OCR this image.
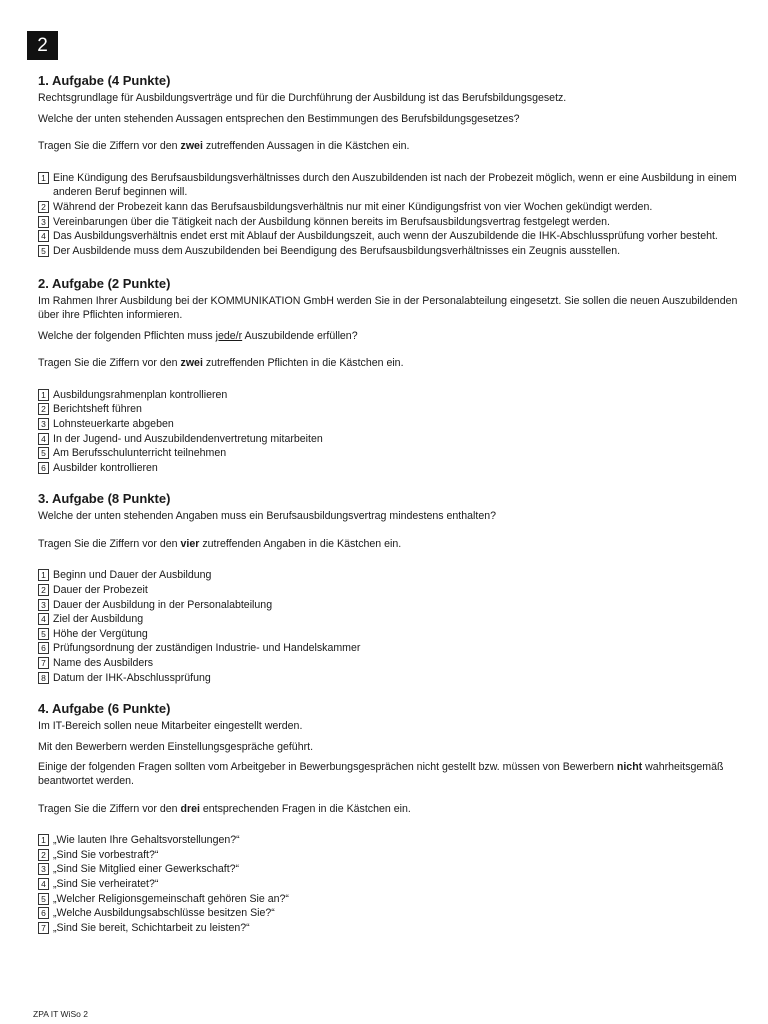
2
1. Aufgabe (4 Punkte)

Rechtsgrundlage für Ausbildungsverträge und für die Durchführung der Ausbildung ist das Berufsbildungsgesetz.

Welche der unten stehenden Aussagen entsprechen den Bestimmungen des Berufsbildungsgesetzes?

Tragen Sie die Ziffern vor den zwei zutreffenden Aussagen in die Kästchen ein.

1 Eine Kündigung des Berufsausbildungsverhältnisses durch den Auszubildenden ist nach der Probezeit möglich, wenn er eine Ausbildung in einem anderen Beruf beginnen will.
2 Während der Probezeit kann das Berufsausbildungsverhältnis nur mit einer Kündigungsfrist von vier Wochen gekündigt werden.
3 Vereinbarungen über die Tätigkeit nach der Ausbildung können bereits im Berufsausbildungsvertrag festgelegt werden.
4 Das Ausbildungsverhältnis endet erst mit Ablauf der Ausbildungszeit, auch wenn der Auszubildende die IHK-Abschlussprüfung vorher besteht.
5 Der Ausbildende muss dem Auszubildenden bei Beendigung des Berufsausbildungsverhältnisses ein Zeugnis ausstellen.
2. Aufgabe (2 Punkte)

Im Rahmen Ihrer Ausbildung bei der KOMMUNIKATION GmbH werden Sie in der Personalabteilung eingesetzt. Sie sollen die neuen Auszubildenden über ihre Pflichten informieren.

Welche der folgenden Pflichten muss jede/r Auszubildende erfüllen?

Tragen Sie die Ziffern vor den zwei zutreffenden Pflichten in die Kästchen ein.

1 Ausbildungsrahmenplan kontrollieren
2 Berichtsheft führen
3 Lohnsteuerkarte abgeben
4 In der Jugend- und Auszubildendenvertretung mitarbeiten
5 Am Berufsschulunterricht teilnehmen
6 Ausbilder kontrollieren
3. Aufgabe (8 Punkte)

Welche der unten stehenden Angaben muss ein Berufsausbildungsvertrag mindestens enthalten?

Tragen Sie die Ziffern vor den vier zutreffenden Angaben in die Kästchen ein.

1 Beginn und Dauer der Ausbildung
2 Dauer der Probezeit
3 Dauer der Ausbildung in der Personalabteilung
4 Ziel der Ausbildung
5 Höhe der Vergütung
6 Prüfungsordnung der zuständigen Industrie- und Handelskammer
7 Name des Ausbilders
8 Datum der IHK-Abschlussprüfung
4. Aufgabe (6 Punkte)

Im IT-Bereich sollen neue Mitarbeiter eingestellt werden.

Mit den Bewerbern werden Einstellungsgespräche geführt.

Einige der folgenden Fragen sollten vom Arbeitgeber in Bewerbungsgesprächen nicht gestellt bzw. müssen von Bewerbern nicht wahrheitsgemäß beantwortet werden.

Tragen Sie die Ziffern vor den drei entsprechenden Fragen in die Kästchen ein.

1 „Wie lauten Ihre Gehaltsvorstellungen?“
2 „Sind Sie vorbestraft?“
3 „Sind Sie Mitglied einer Gewerkschaft?“
4 „Sind Sie verheiratet?“
5 „Welcher Religionsgemeinschaft gehören Sie an?“
6 „Welche Ausbildungsabschlüsse besitzen Sie?“
7 „Sind Sie bereit, Schichtarbeit zu leisten?“
ZPA IT WiSo 2
